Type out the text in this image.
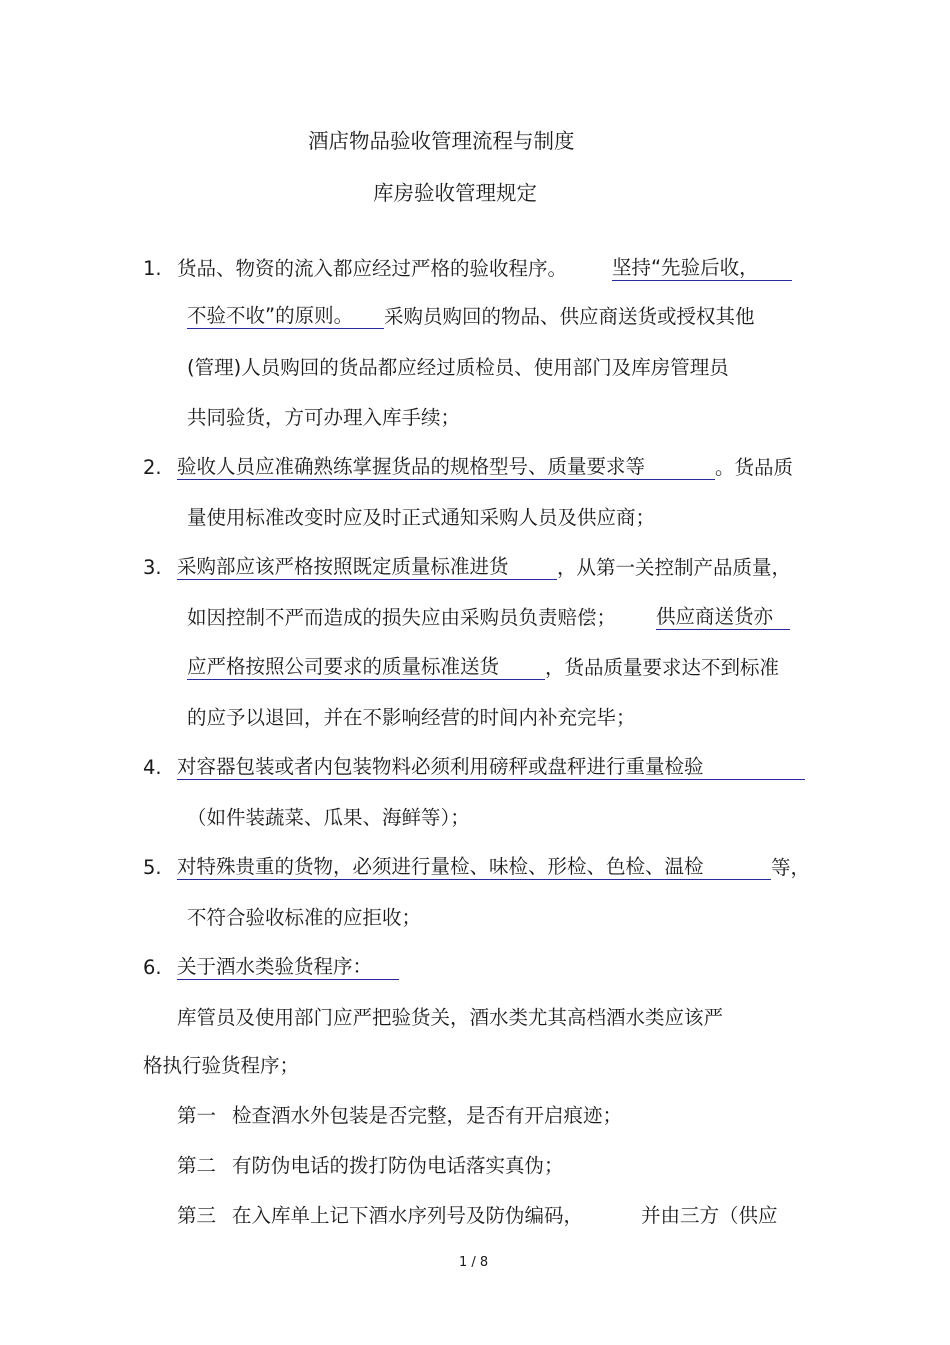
酒店物品验收管理流程与制度
库房验收管理规定
1. 货品、物资的流入都应经过严格的验收程序。 坚持“先验后收，
不验不收”的原则。 采购员购回的物品、供应商送货或授权其他
(管理)人员购回的货品都应经过质检员、使用部门及库房管理员
共同验货，方可办理入库手续；
2. 验收人员应准确熟练掌握货品的规格型号、质量要求等	。货品质
量使用标准改变时应及时正式通知采购人员及供应商；
3. 采购部应该严格按照既定质量标准进货 ，从第一关控制产品质量，
如因控制不严而造成的损失应由采购员负责赔偿； 供应商送货亦
应严格按照公司要求的质量标准送货 ，货品质量要求达不到标准
的应予以退回，并在不影响经营的时间内补充完毕；
4. 对容器包装或者内包装物料必须利用磅秤或盘秤进行重量检验
（如件装蔬菜、瓜果、海鲜等）；
5. 对特殊贵重的货物，必须进行量检、味检、形检、色检、温检	等，
不符合验收标准的应拒收；
6. 关于酒水类验货程序：
库管员及使用部门应严把验货关，酒水类尤其高档酒水类应该严
格执行验货程序；
第一 检查酒水外包装是否完整，是否有开启痕迹；
第二 有防伪电话的拨打防伪电话落实真伪；
第三 在入库单上记下酒水序列号及防伪编码，	并由三方（供应
1 / 8
